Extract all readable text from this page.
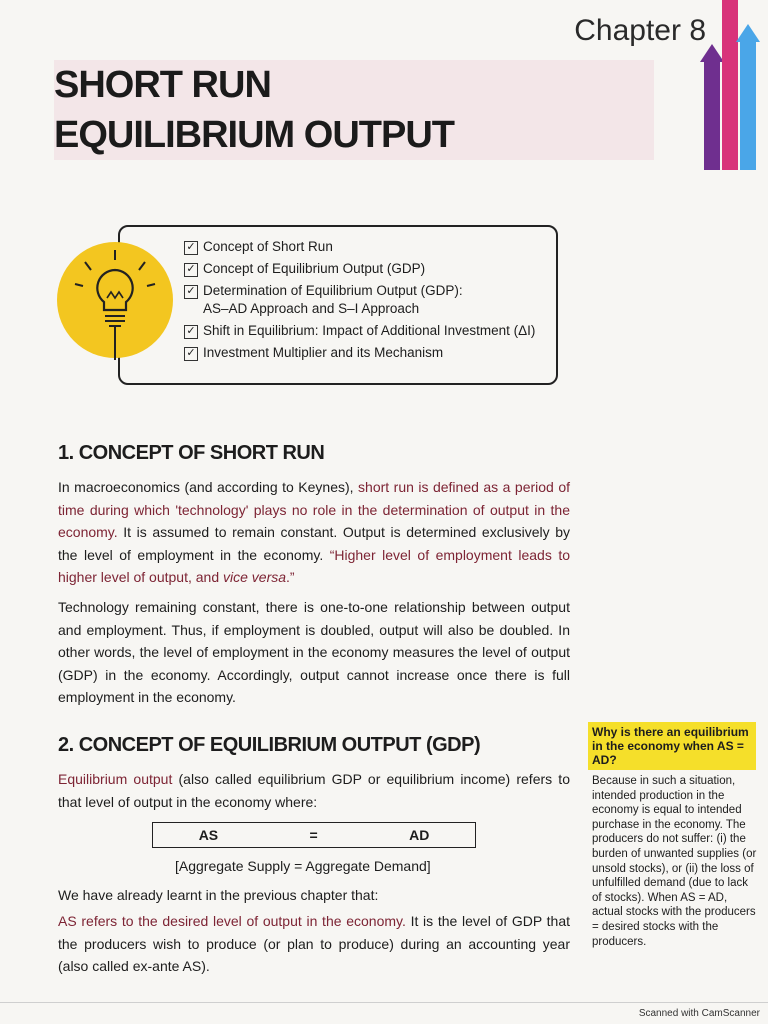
Chapter 8
SHORT RUN
EQUILIBRIUM OUTPUT
✓ Concept of Short Run
✓ Concept of Equilibrium Output (GDP)
✓ Determination of Equilibrium Output (GDP):
AS–AD Approach and S–I Approach
✓ Shift in Equilibrium: Impact of Additional Investment (ΔI)
✓ Investment Multiplier and its Mechanism
1. CONCEPT OF SHORT RUN
In macroeconomics (and according to Keynes), short run is defined as a period of time during which 'technology' plays no role in the determination of output in the economy. It is assumed to remain constant. Output is determined exclusively by the level of employment in the economy. “Higher level of employment leads to higher level of output, and vice versa.”
Technology remaining constant, there is one-to-one relationship between output and employment. Thus, if employment is doubled, output will also be doubled. In other words, the level of employment in the economy measures the level of output (GDP) in the economy. Accordingly, output cannot increase once there is full employment in the economy.
2. CONCEPT OF EQUILIBRIUM OUTPUT (GDP)
Equilibrium output (also called equilibrium GDP or equilibrium income) refers to that level of output in the economy where:
AS	=	AD
[Aggregate Supply = Aggregate Demand]
We have already learnt in the previous chapter that:
AS refers to the desired level of output in the economy. It is the level of GDP that the producers wish to produce (or plan to produce) during an accounting year (also called ex-ante AS).
Why is there an equilibrium in the economy when AS = AD?
Because in such a situation, intended production in the economy is equal to intended purchase in the economy. The producers do not suffer: (i) the burden of unwanted supplies (or unsold stocks), or (ii) the loss of unfulfilled demand (due to lack of stocks). When AS = AD, actual stocks with the producers = desired stocks with the producers.
Scanned with CamScanner
